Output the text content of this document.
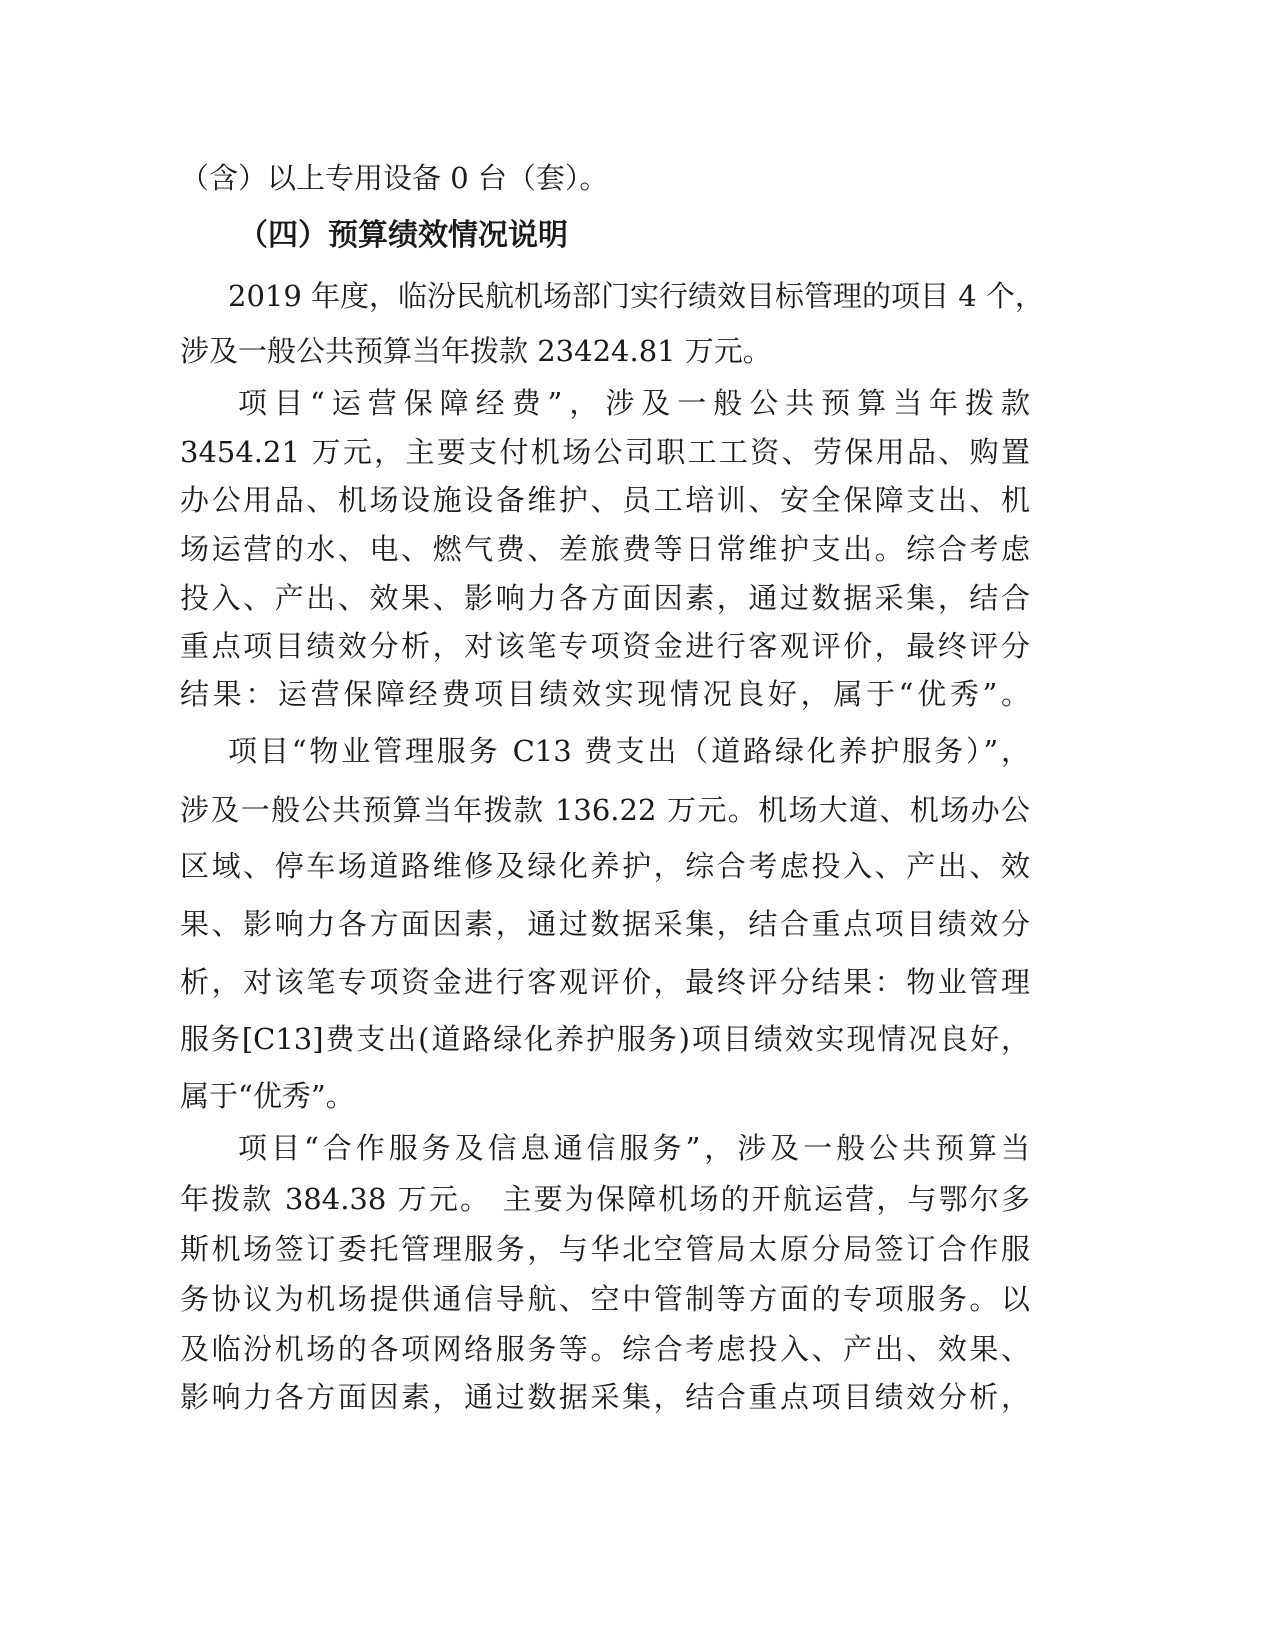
（含）以上专用设备 0 台（套）。
（四）预算绩效情况说明
2019 年度，临汾民航机场部门实行绩效目标管理的项目 4 个，
涉及一般公共预算当年拨款 23424.81 万元。
项目“运营保障经费”，涉及一般公共预算当年拨款
3454.21 万元，主要支付机场公司职工工资、劳保用品、购置
办公用品、机场设施设备维护、员工培训、安全保障支出、机
场运营的水、电、燃气费、差旅费等日常维护支出。综合考虑
投入、产出、效果、影响力各方面因素，通过数据采集，结合
重点项目绩效分析，对该笔专项资金进行客观评价，最终评分
结果：运营保障经费项目绩效实现情况良好，属于“优秀”。
项目“物业管理服务 C13 费支出（道路绿化养护服务）”，
涉及一般公共预算当年拨款 136.22 万元。机场大道、机场办公
区域、停车场道路维修及绿化养护，综合考虑投入、产出、效
果、影响力各方面因素，通过数据采集，结合重点项目绩效分
析，对该笔专项资金进行客观评价，最终评分结果：物业管理
服务[C13]费支出(道路绿化养护服务)项目绩效实现情况良好，
属于“优秀”。
项目“合作服务及信息通信服务”，涉及一般公共预算当
年拨款 384.38 万元。 主要为保障机场的开航运营，与鄂尔多
斯机场签订委托管理服务，与华北空管局太原分局签订合作服
务协议为机场提供通信导航、空中管制等方面的专项服务。以
及临汾机场的各项网络服务等。综合考虑投入、产出、效果、
影响力各方面因素，通过数据采集，结合重点项目绩效分析，
